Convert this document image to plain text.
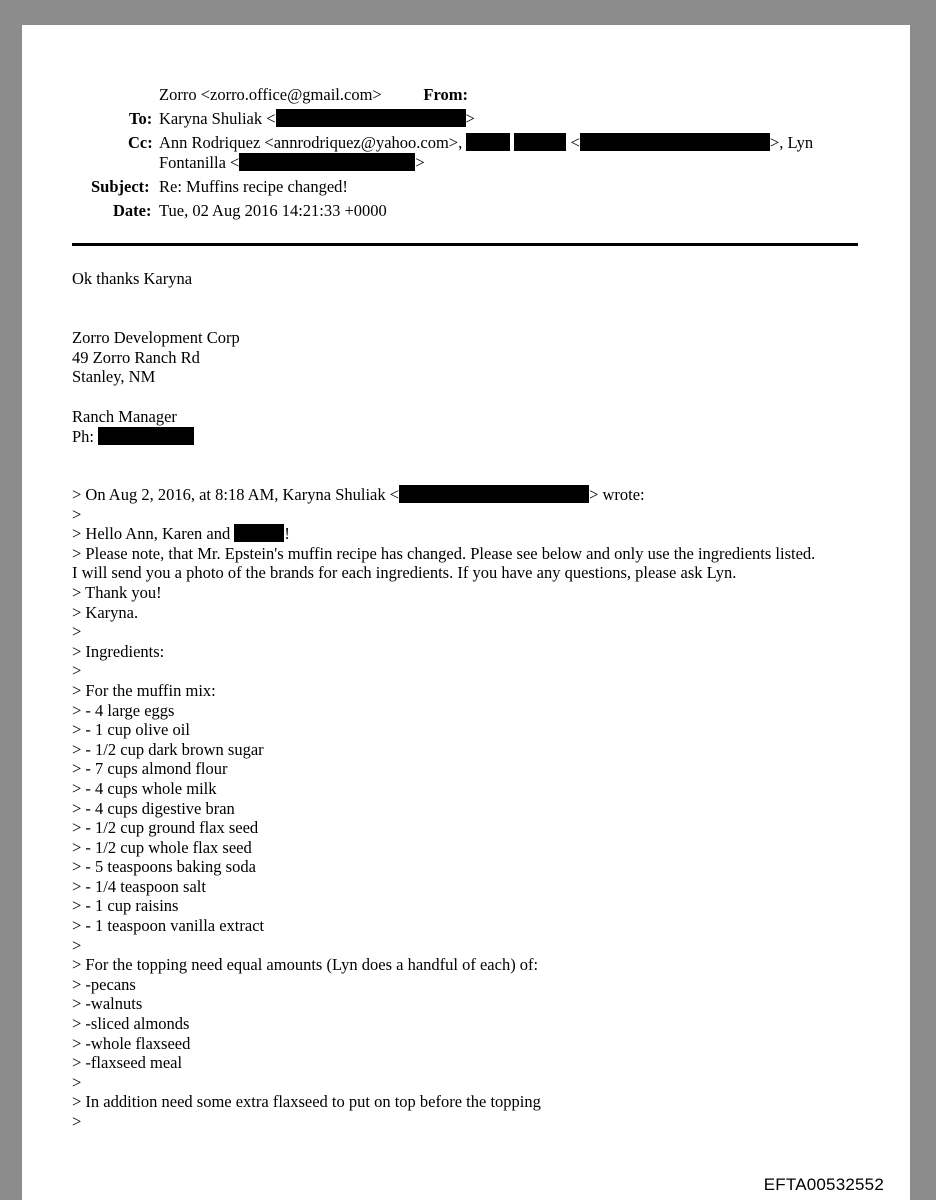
From:
Zorro <zorro.office@gmail.com>
To: Karyna Shuliak <	>
Cc: Ann Rodriquez <annrodriquez@yahoo.com>,	<	>, Lyn
Fontanilla <	>
Subject: Re: Muffins recipe changed!
Date: Tue, 02 Aug 2016 14:21:33 +0000
Ok thanks Karyna
Zorro Development Corp
49 Zorro Ranch Rd
Stanley, NM
Ranch Manager
Ph:
> On Aug 2, 2016, at 8:18 AM, Karyna Shuliak <	> wrote:
>
> Hello Ann, Karen and	!
> Please note, that Mr. Epstein's muffin recipe has changed. Please see below and only use the ingredients listed.
I will send you a photo of the brands for each ingredients. If you have any questions, please ask Lyn.
> Thank you!
> Karyna.
>
> Ingredients:
>
> For the muffin mix:
> - 4 large eggs
> - 1 cup olive oil
> - 1/2 cup dark brown sugar
> - 7 cups almond flour
> - 4 cups whole milk
> - 4 cups digestive bran
> - 1/2 cup ground flax seed
> - 1/2 cup whole flax seed
> - 5 teaspoons baking soda
> - 1/4 teaspoon salt
> - 1 cup raisins
> - 1 teaspoon vanilla extract
>
> For the topping need equal amounts (Lyn does a handful of each) of:
> -pecans
> -walnuts
> -sliced almonds
> -whole flaxseed
> -flaxseed meal
>
> In addition need some extra flaxseed to put on top before the topping
>
EFTA00532552
